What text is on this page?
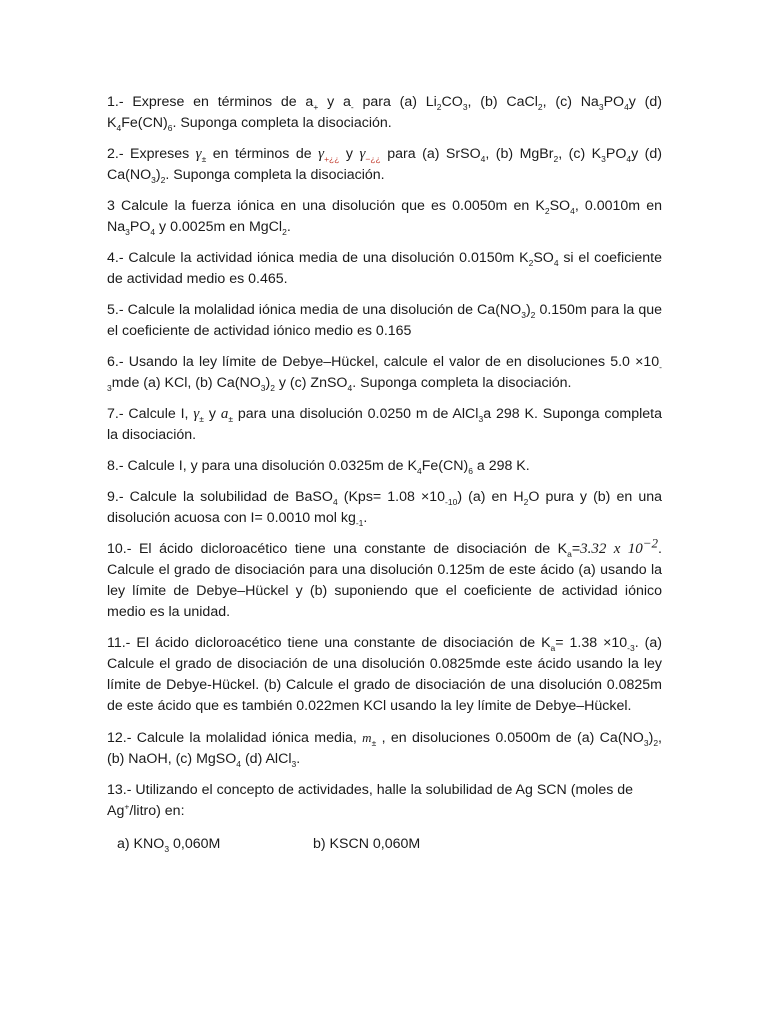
1.- Exprese en términos de $a_+$ y $a_-$ para (a) $Li_2CO_3$, (b) CaCl$_2$, (c) $Na_3PO_4y$ (d) $K_4Fe(CN)_6$. Suponga completa la disociación.

2.- Expreses $\gamma_\pm$ en términos de $\gamma_{+¿¿}$ y $\gamma_{-¿¿}$ para (a) SrSO$_4$, (b) MgBr$_2$, (c) $K_3PO_4y$ (d) $Ca(NO_3)_2$. Suponga completa la disociación.

3 Calcule la fuerza iónica en una disolución que es 0.0050m en $K_2SO_4$, 0.0010m en $Na_3PO_4$ y 0.0025m en MgCl$_2$.

4.- Calcule la actividad iónica media de una disolución 0.0150m $K_2SO_4$ si el coeficiente de actividad medio es 0.465.

5.- Calcule la molalidad iónica media de una disolución de $Ca(NO_3)_2$ 0.150m para la que el coeficiente de actividad iónico medio es 0.165

6.- Usando la ley límite de Debye–Hückel, calcule el valor de en disoluciones $5.0 \times 10_{-3}mde$ (a) KCl, (b) $Ca(NO_3)_2$ y (c) ZnSO$_4$. Suponga completa la disociación.

7.- Calcule I, $\gamma_\pm$ y $a_\pm$ para una disolución 0.0250 m de AlCl$_3$a 298 K. Suponga completa la disociación.

8.- Calcule I, y para una disolución 0.0325m de $K_4Fe(CN)_6$ a 298 K.

9.- Calcule la solubilidad de BaSO$_4$ $(Kps= 1.08 \times 10_{-10})$ (a) en $H_2O$ pura y (b) en una disolución acuosa con I= 0.0010 mol $kg_{-1}$.

10.- El ácido dicloroacético tiene una constante de disociación de $K_a=3.32$ x $10^{-2}$. Calcule el grado de disociación para una disolución 0.125m de este ácido (a) usando la ley límite de Debye–Hückel y (b) suponiendo que el coeficiente de actividad iónico medio es la unidad.

11.- El ácido dicloroacético tiene una constante de disociación de $K_a= 1.38 \times 10_{-3}$. (a) Calcule el grado de disociación de una disolución 0.0825mde este ácido usando la ley límite de Debye-Hückel. (b) Calcule el grado de disociación de una disolución 0.0825m de este ácido que es también 0.022men KCl usando la ley límite de Debye–Hückel.

12.- Calcule la molalidad iónica media, $m_\pm$ , en disoluciones 0.0500m de (a) $Ca(NO_3)_2$, (b) NaOH, (c) MgSO$_4$ (d) AlCl$_3$.

13.- Utilizando el concepto de actividades, halle la solubilidad de Ag SCN (moles de Ag+/litro) en:

a) $KNO_3$ 0,060M	b) KSCN 0,060M
